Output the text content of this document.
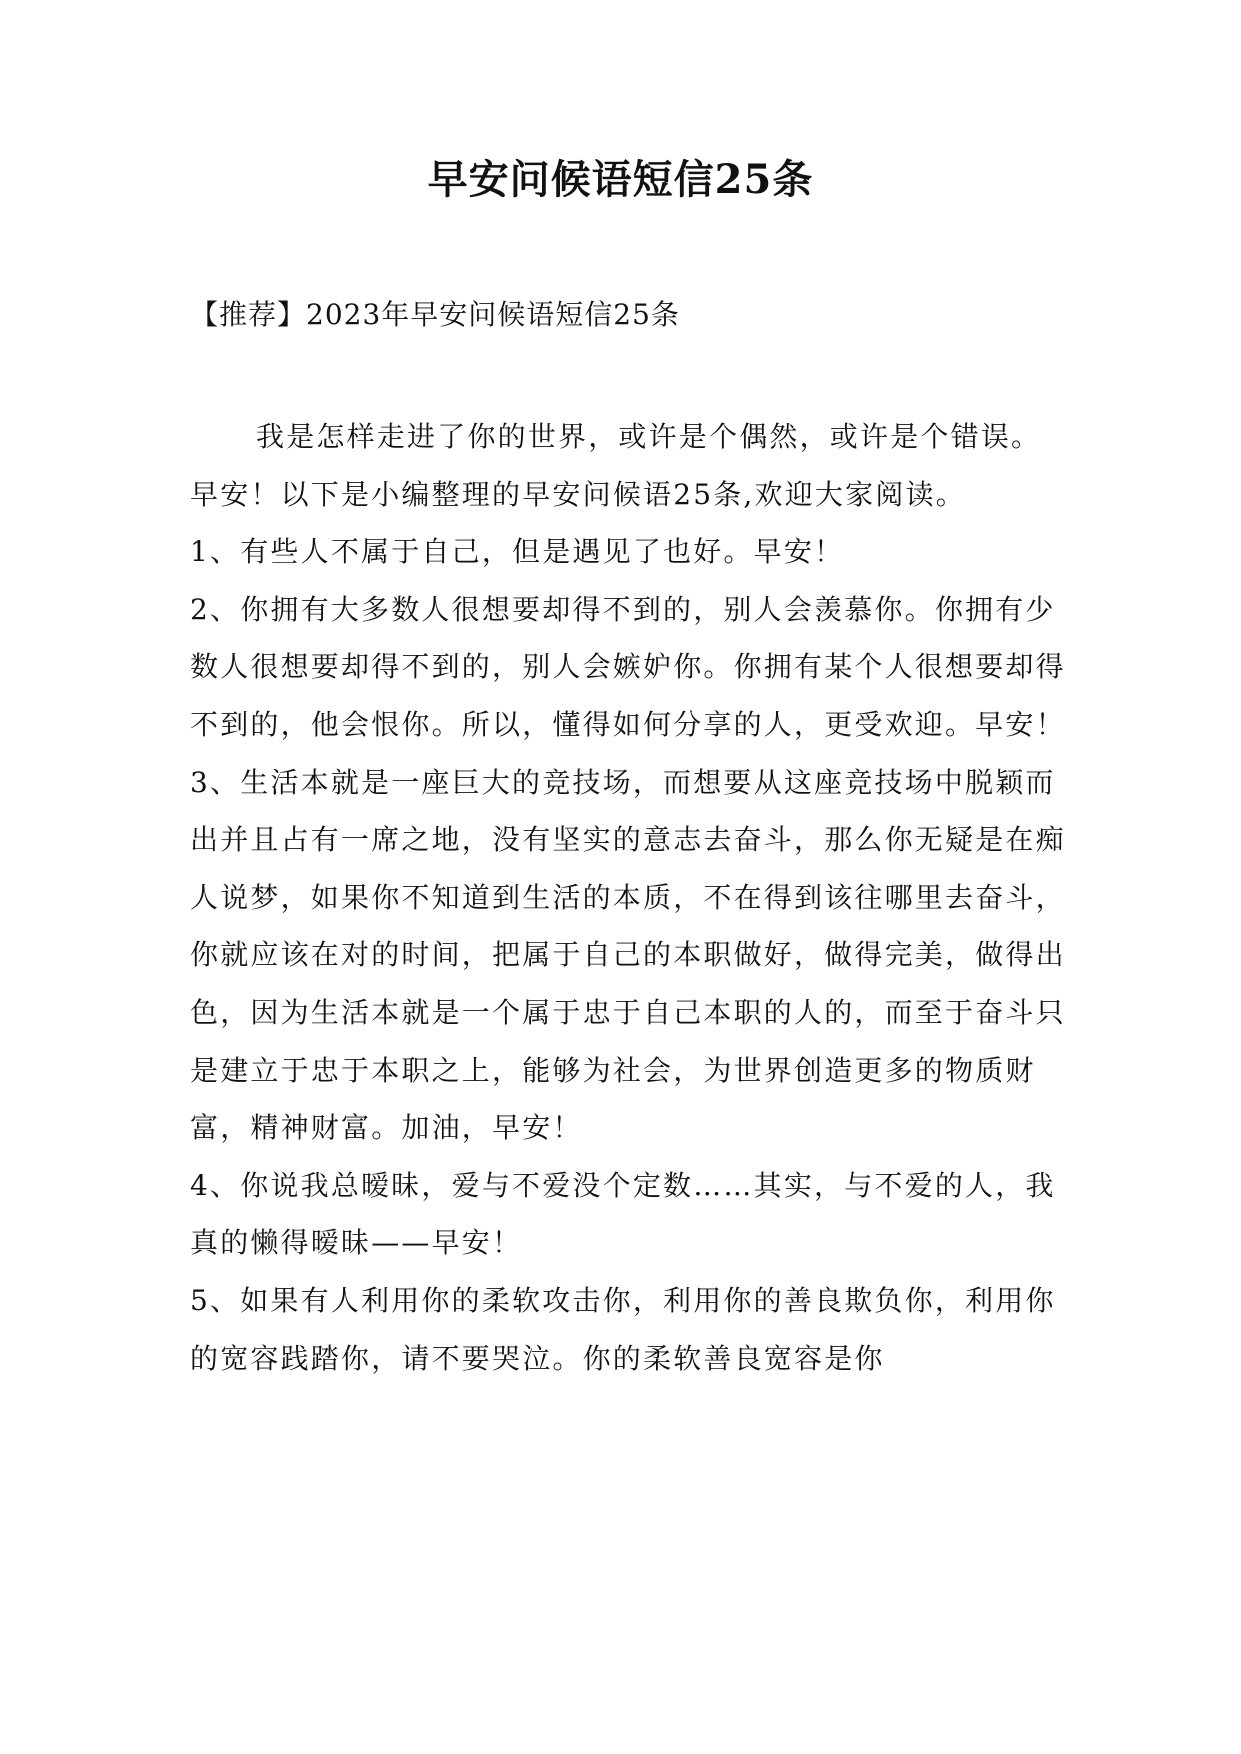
早安问候语短信25条

【推荐】2023年早安问候语短信25条

我是怎样走进了你的世界，或许是个偶然，或许是个错误。早安！以下是小编整理的早安问候语25条,欢迎大家阅读。

1、有些人不属于自己，但是遇见了也好。早安！

2、你拥有大多数人很想要却得不到的，别人会羡慕你。你拥有少数人很想要却得不到的，别人会嫉妒你。你拥有某个人很想要却得不到的，他会恨你。所以，懂得如何分享的人，更受欢迎。早安！

3、生活本就是一座巨大的竞技场，而想要从这座竞技场中脱颖而出并且占有一席之地，没有坚实的意志去奋斗，那么你无疑是在痴人说梦，如果你不知道到生活的本质，不在得到该往哪里去奋斗，你就应该在对的时间，把属于自己的本职做好，做得完美，做得出色，因为生活本就是一个属于忠于自己本职的人的，而至于奋斗只是建立于忠于本职之上，能够为社会，为世界创造更多的物质财富，精神财富。加油，早安！

4、你说我总暧昧，爱与不爱没个定数……其实，与不爱的人，我真的懒得暧昧——早安！

5、如果有人利用你的柔软攻击你，利用你的善良欺负你，利用你的宽容践踏你，请不要哭泣。你的柔软善良宽容是你
